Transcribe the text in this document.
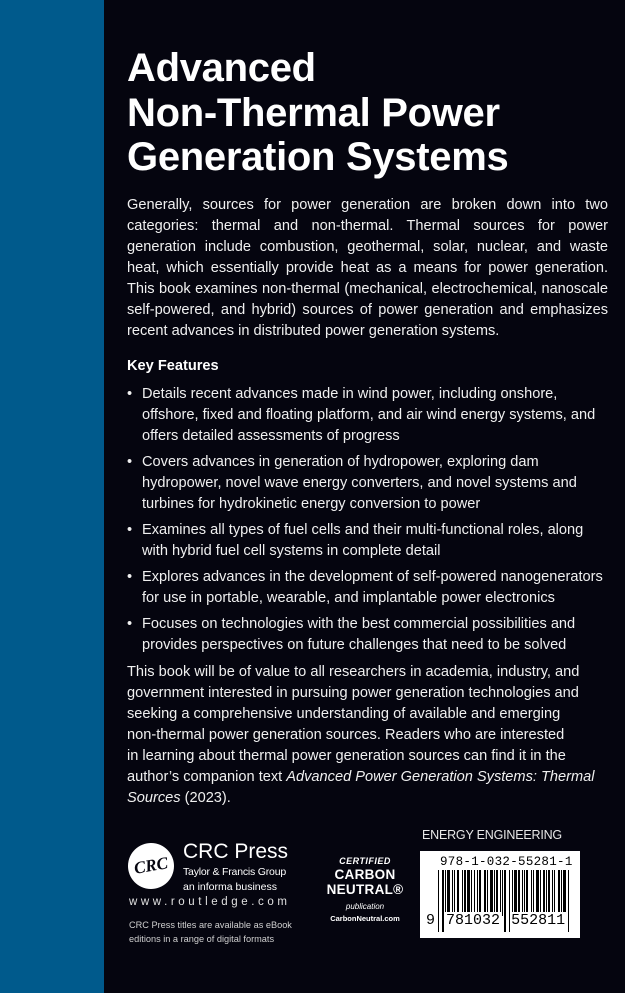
Advanced
Non-Thermal Power
Generation Systems
Generally, sources for power generation are broken down into two
categories: thermal and non-thermal. Thermal sources for power
generation include combustion, geothermal, solar, nuclear, and waste
heat, which essentially provide heat as a means for power generation.
This book examines non-thermal (mechanical, electrochemical, nanoscale
self-powered, and hybrid) sources of power generation and emphasizes
recent advances in distributed power generation systems.
Key Features
• Details recent advances made in wind power, including onshore,
offshore, fixed and floating platform, and air wind energy systems, and
offers detailed assessments of progress
• Covers advances in generation of hydropower, exploring dam
hydropower, novel wave energy converters, and novel systems and
turbines for hydrokinetic energy conversion to power
• Examines all types of fuel cells and their multi-functional roles, along
with hybrid fuel cell systems in complete detail
• Explores advances in the development of self-powered nanogenerators
for use in portable, wearable, and implantable power electronics
• Focuses on technologies with the best commercial possibilities and
provides perspectives on future challenges that need to be solved
This book will be of value to all researchers in academia, industry, and
government interested in pursuing power generation technologies and
seeking a comprehensive understanding of available and emerging
non-thermal power generation sources. Readers who are interested
in learning about thermal power generation sources can find it in the
author’s companion text Advanced Power Generation Systems: Thermal
Sources (2023).
ENERGY ENGINEERING
978-1-032-55281-1
9 781032 552811
CRC
CRC Press
Taylor & Francis Group
an informa business
www.routledge.com
CRC Press titles are available as eBook editions in a range of digital formats
CERTIFIED
CARBON
NEUTRAL®
publication
CarbonNeutral.com
